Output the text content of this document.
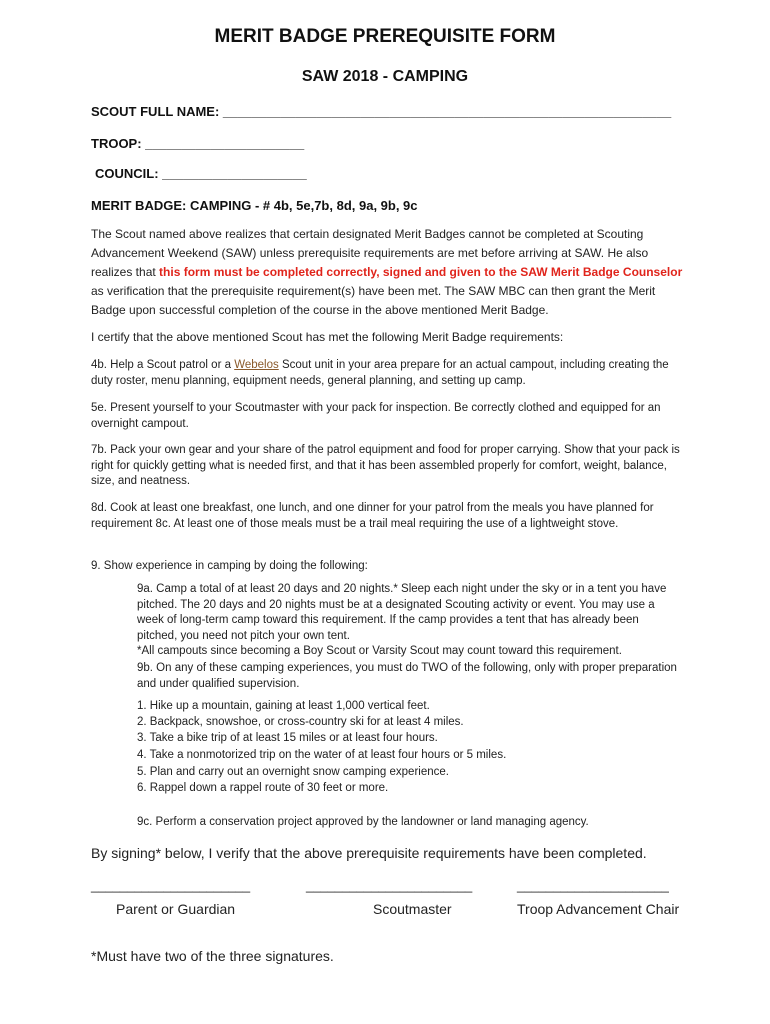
MERIT BADGE PREREQUISITE FORM
SAW 2018 - CAMPING
SCOUT FULL NAME: ______________________________________________________________
TROOP: ______________________
COUNCIL: ____________________
MERIT BADGE: CAMPING - # 4b, 5e,7b, 8d, 9a, 9b, 9c
The Scout named above realizes that certain designated Merit Badges cannot be completed at Scouting Advancement Weekend (SAW) unless prerequisite requirements are met before arriving at SAW. He also realizes that this form must be completed correctly, signed and given to the SAW Merit Badge Counselor as verification that the prerequisite requirement(s) have been met. The SAW MBC can then grant the Merit Badge upon successful completion of the course in the above mentioned Merit Badge.
I certify that the above mentioned Scout has met the following Merit Badge requirements:
4b. Help a Scout patrol or a Webelos Scout unit in your area prepare for an actual campout, including creating the duty roster, menu planning, equipment needs, general planning, and setting up camp.
5e. Present yourself to your Scoutmaster with your pack for inspection. Be correctly clothed and equipped for an overnight campout.
7b. Pack your own gear and your share of the patrol equipment and food for proper carrying. Show that your pack is right for quickly getting what is needed first, and that it has been assembled properly for comfort, weight, balance, size, and neatness.
8d. Cook at least one breakfast, one lunch, and one dinner for your patrol from the meals you have planned for requirement 8c. At least one of those meals must be a trail meal requiring the use of a lightweight stove.
9. Show experience in camping by doing the following:
9a. Camp a total of at least 20 days and 20 nights.* Sleep each night under the sky or in a tent you have pitched. The 20 days and 20 nights must be at a designated Scouting activity or event. You may use a week of long-term camp toward this requirement. If the camp provides a tent that has already been pitched, you need not pitch your own tent.
*All campouts since becoming a Boy Scout or Varsity Scout may count toward this requirement.
9b. On any of these camping experiences, you must do TWO of the following, only with proper preparation and under qualified supervision.
1. Hike up a mountain, gaining at least 1,000 vertical feet.
2. Backpack, snowshoe, or cross-country ski for at least 4 miles.
3. Take a bike trip of at least 15 miles or at least four hours.
4. Take a nonmotorized trip on the water of at least four hours or 5 miles.
5. Plan and carry out an overnight snow camping experience.
6. Rappel down a rappel route of 30 feet or more.
9c. Perform a conservation project approved by the landowner or land managing agency.
By signing* below, I verify that the above prerequisite requirements have been completed.
______________________	_______________________	_____________________
Parent or Guardian	Scoutmaster	Troop Advancement Chair
*Must have two of the three signatures.
